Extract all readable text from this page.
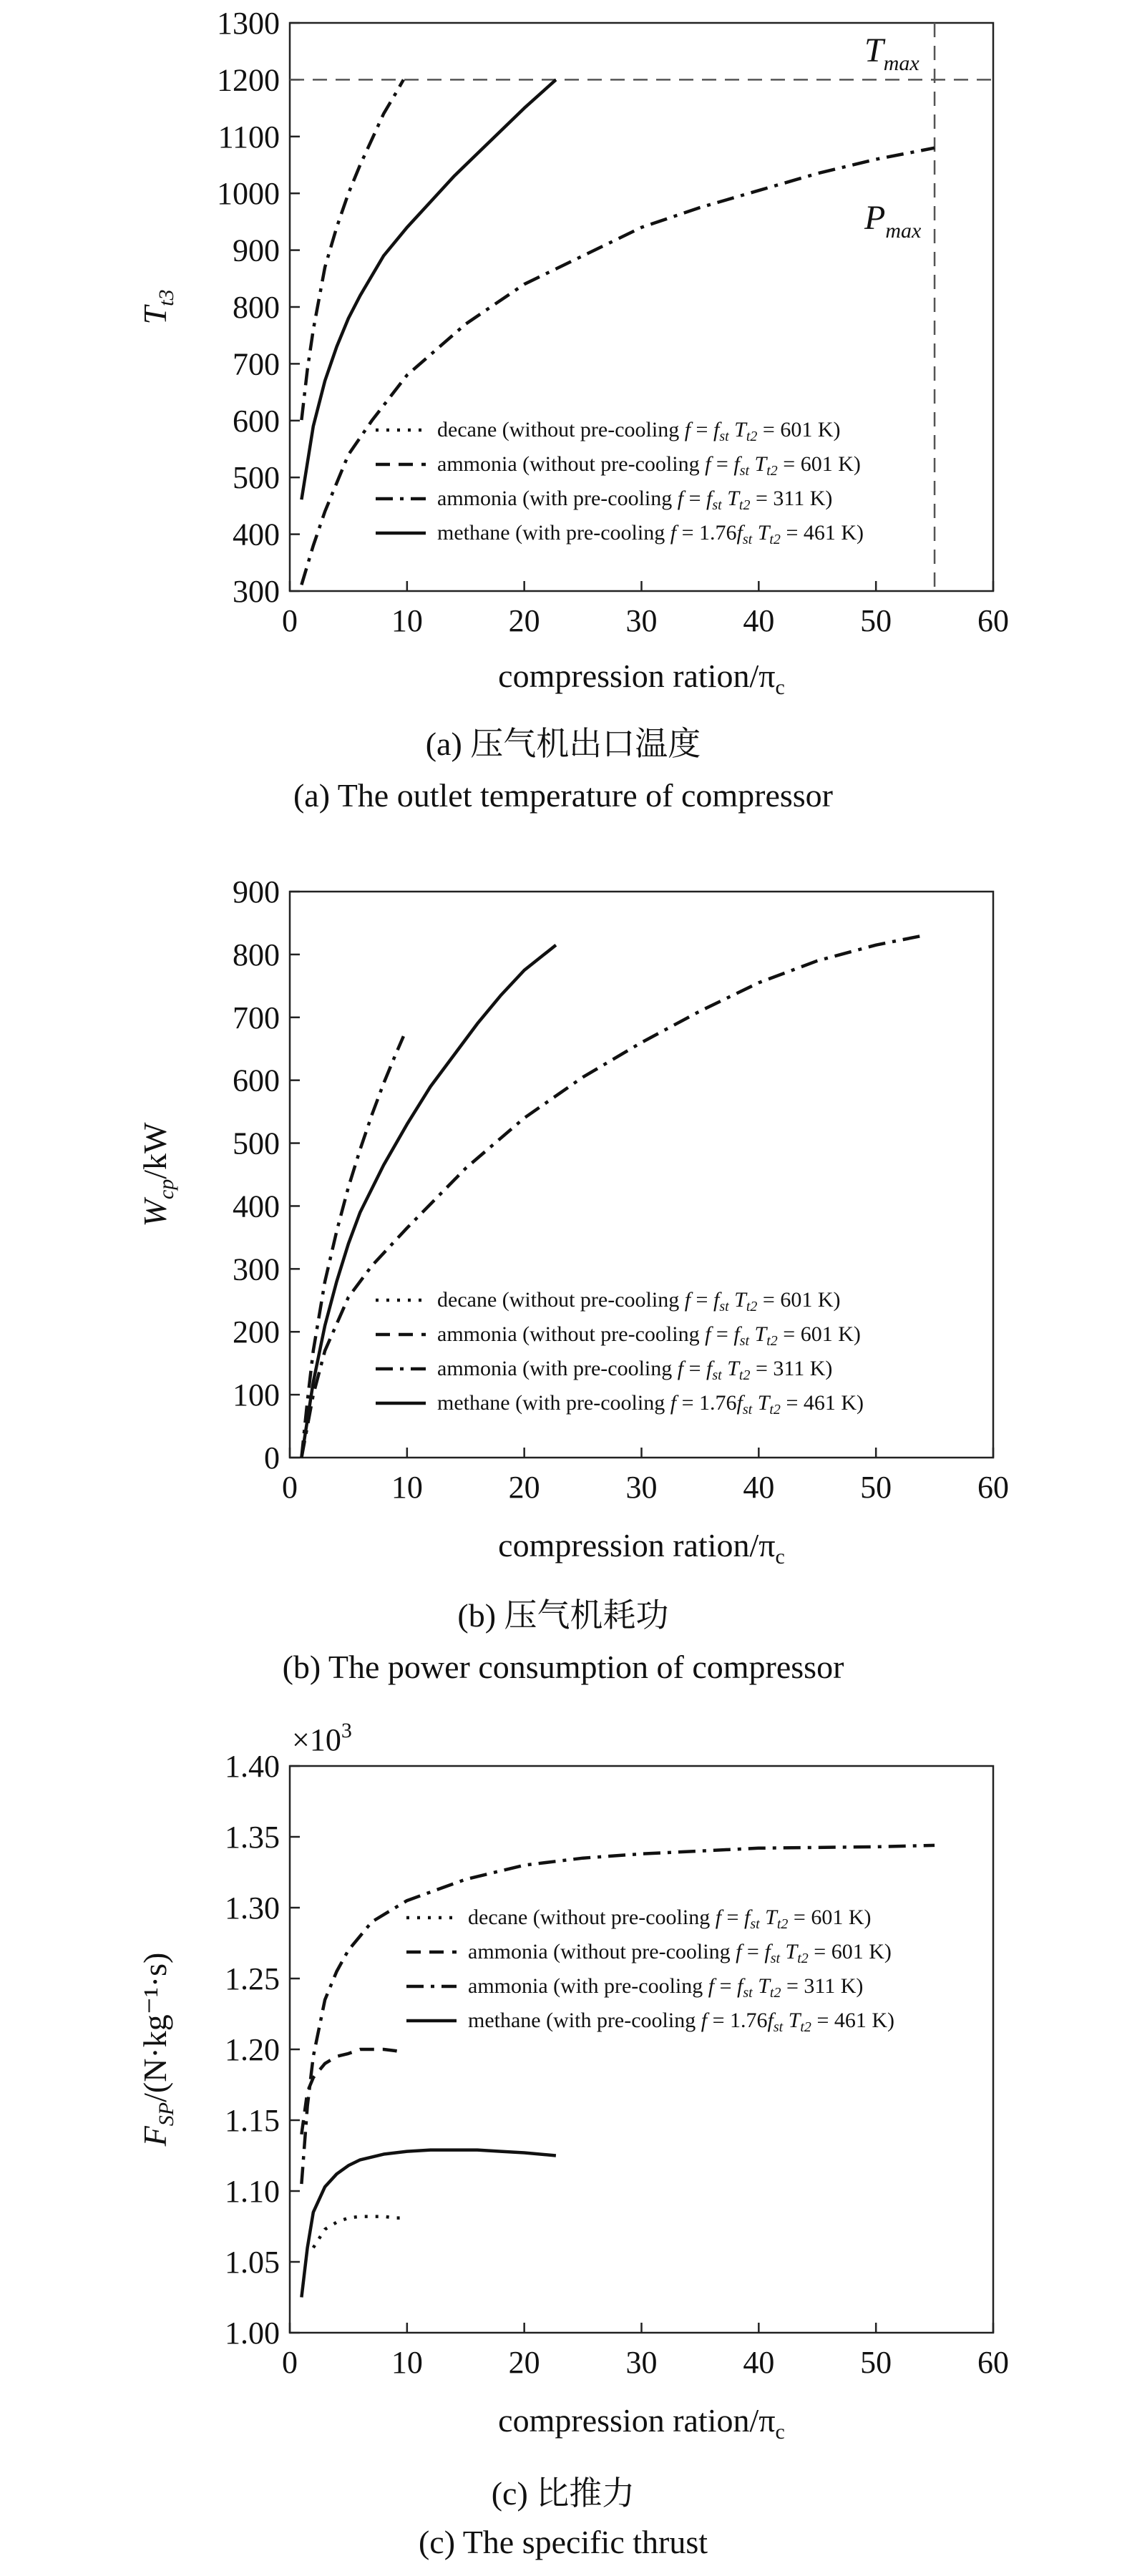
0	10	20	30	40	50	60
300
400
500
600
700
800
900
1000
1100
1200
1300
compression ration/$\pi_c$
$T_{t3}$
$T_{max}$
$P_{max}$
decane (without pre-cooling $f = f_{st}$ $T_{t2} = 601$ K)
ammonia (without pre-cooling $f = f_{st}$ $T_{t2} = 601$ K)
ammonia (with pre-cooling $f = f_{st}$ $T_{t2} = 311$ K)
methane (with pre-cooling $f = 1.76f_{st}$ $T_{t2} = 461$ K)
(a) 压气机出口温度
(a) The outlet temperature of compressor
0	10	20	30	40	50	60
0
100
200
300
400
500
600
700
800
900
compression ration/$\pi_c$
$W_{cp}/kW$
decane (without pre-cooling $f = f_{st}$ $T_{t2} = 601$ K)
ammonia (without pre-cooling $f = f_{st}$ $T_{t2} = 601$ K)
ammonia (with pre-cooling $f = f_{st}$ $T_{t2} = 311$ K)
methane (with pre-cooling $f = 1.76f_{st}$ $T_{t2} = 461$ K)
(b) 压气机耗功
(b) The power consumption of compressor
0	10	20	30	40	50	60
1.00
1.05
1.10
1.15
1.20
1.25
1.30
1.35
1.40
compression ration/$\pi_c$
$F_{SP}/(N\cdot kg^{-1}\cdot s)$
$\times 10^3$
decane (without pre-cooling $f = f_{st}$ $T_{t2} = 601$ K)
ammonia (without pre-cooling $f = f_{st}$ $T_{t2} = 601$ K)
ammonia (with pre-cooling $f = f_{st}$ $T_{t2} = 311$ K)
methane (with pre-cooling $f = 1.76f_{st}$ $T_{t2} = 461$ K)
(c) 比推力
(c) The specific thrust
